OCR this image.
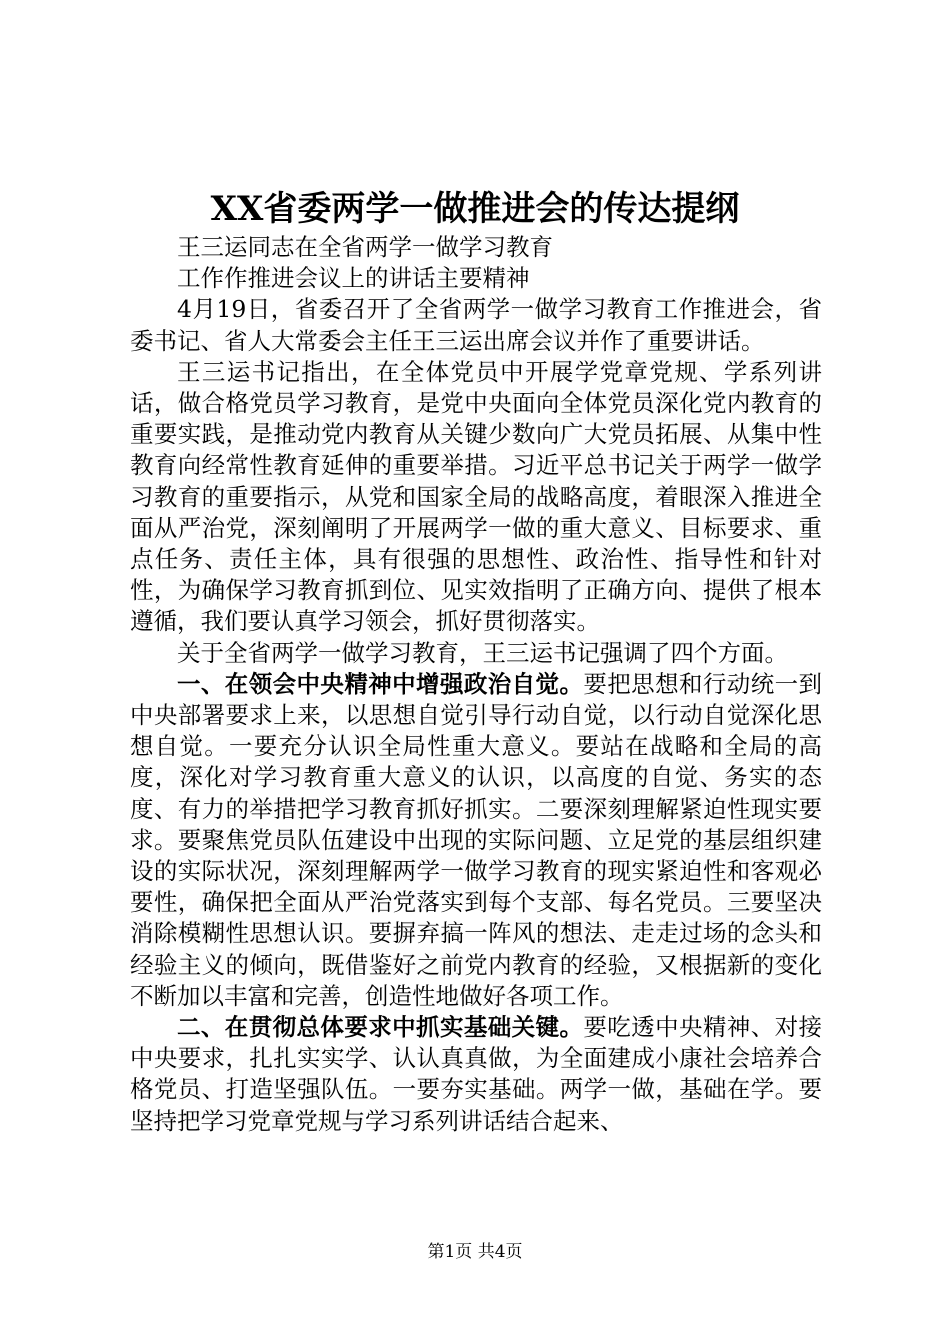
XX省委两学一做推进会的传达提纲

王三运同志在全省两学一做学习教育

工作作推进会议上的讲话主要精神

4月19日，省委召开了全省两学一做学习教育工作推进会，省委书记、省人大常委会主任王三运出席会议并作了重要讲话。

王三运书记指出，在全体党员中开展学党章党规、学系列讲话，做合格党员学习教育，是党中央面向全体党员深化党内教育的重要实践，是推动党内教育从关键少数向广大党员拓展、从集中性教育向经常性教育延伸的重要举措。习近平总书记关于两学一做学习教育的重要指示，从党和国家全局的战略高度，着眼深入推进全面从严治党，深刻阐明了开展两学一做的重大意义、目标要求、重点任务、责任主体，具有很强的思想性、政治性、指导性和针对性，为确保学习教育抓到位、见实效指明了正确方向、提供了根本遵循，我们要认真学习领会，抓好贯彻落实。

关于全省两学一做学习教育，王三运书记强调了四个方面。

一、在领会中央精神中增强政治自觉。要把思想和行动统一到中央部署要求上来，以思想自觉引导行动自觉，以行动自觉深化思想自觉。一要充分认识全局性重大意义。要站在战略和全局的高度，深化对学习教育重大意义的认识，以高度的自觉、务实的态度、有力的举措把学习教育抓好抓实。二要深刻理解紧迫性现实要求。要聚焦党员队伍建设中出现的实际问题、立足党的基层组织建设的实际状况，深刻理解两学一做学习教育的现实紧迫性和客观必要性，确保把全面从严治党落实到每个支部、每名党员。三要坚决消除模糊性思想认识。要摒弃搞一阵风的想法、走走过场的念头和经验主义的倾向，既借鉴好之前党内教育的经验，又根据新的变化不断加以丰富和完善，创造性地做好各项工作。

二、在贯彻总体要求中抓实基础关键。要吃透中央精神、对接中央要求，扎扎实实学、认认真真做，为全面建成小康社会培养合格党员、打造坚强队伍。一要夯实基础。两学一做，基础在学。要坚持把学习党章党规与学习系列讲话结合起来、

第1页 共4页
